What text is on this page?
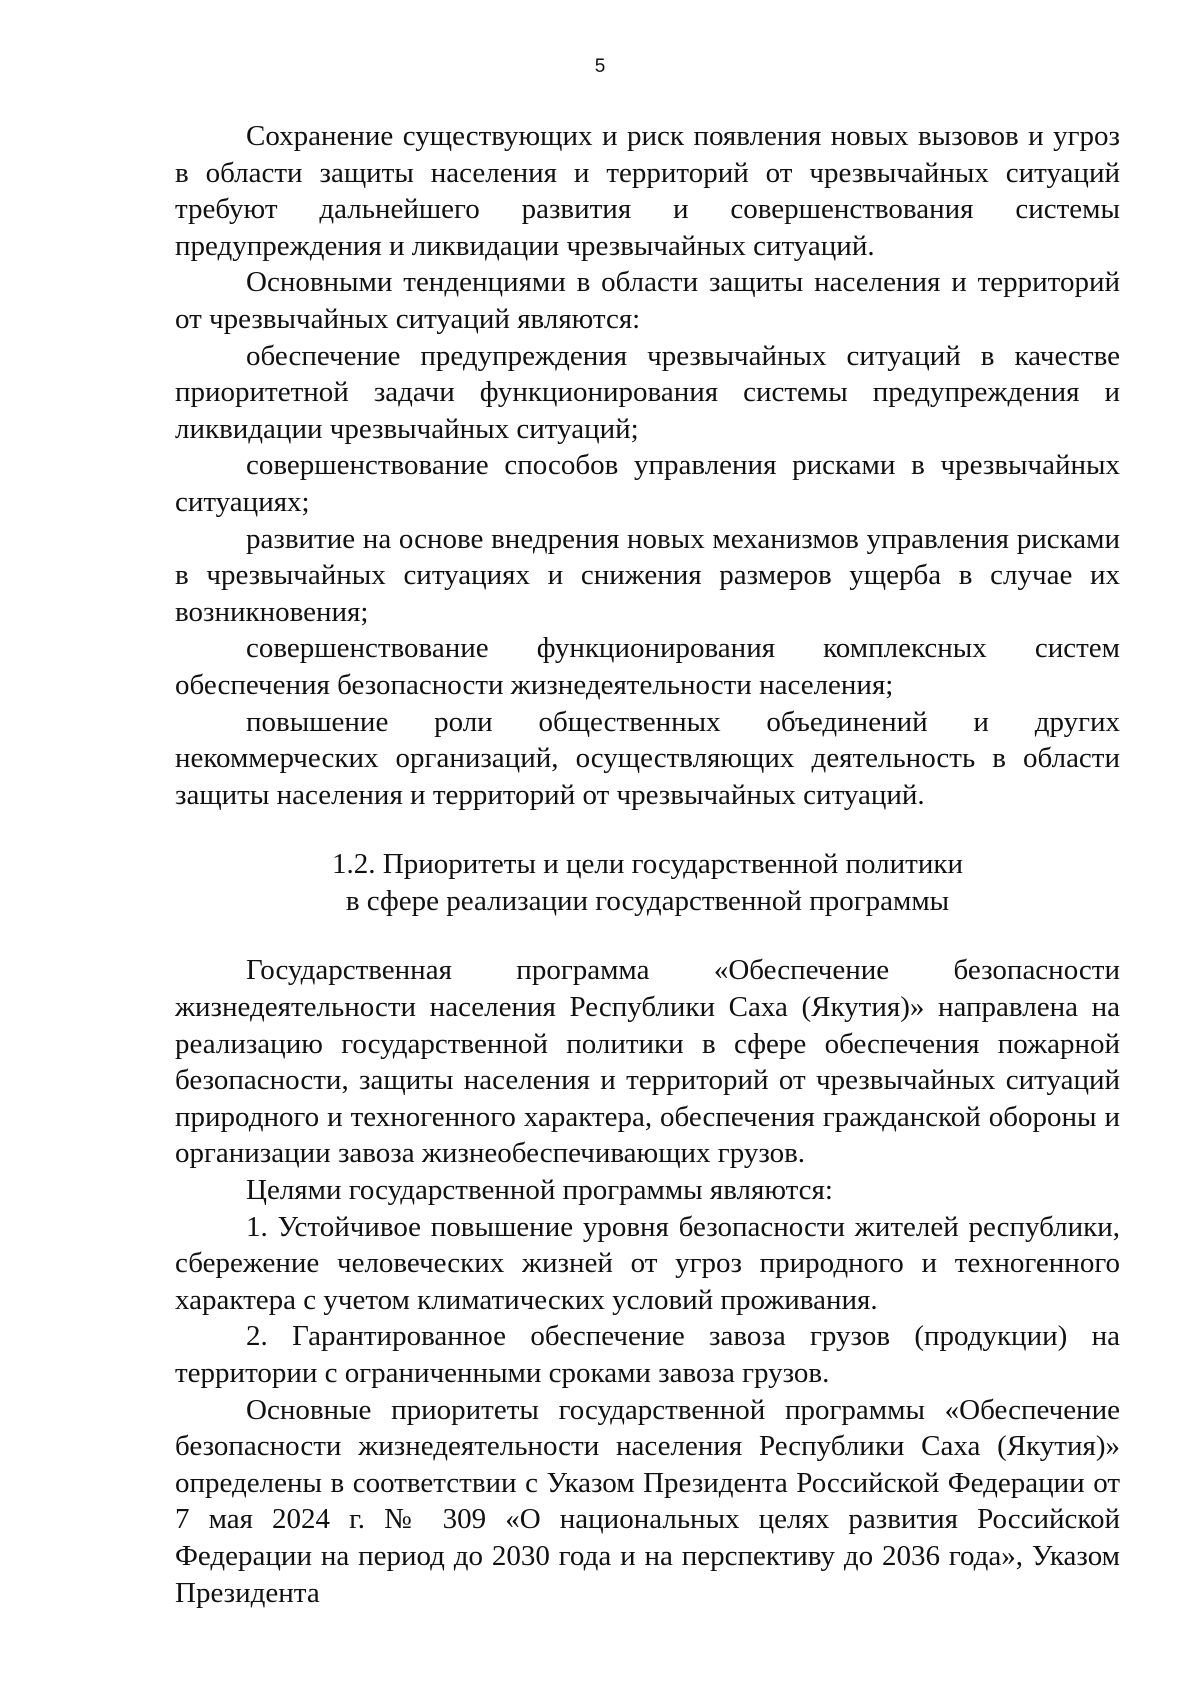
5

Сохранение существующих и риск появления новых вызовов и угроз в области защиты населения и территорий от чрезвычайных ситуаций требуют дальнейшего развития и совершенствования системы предупреждения и ликвидации чрезвычайных ситуаций.

Основными тенденциями в области защиты населения и территорий от чрезвычайных ситуаций являются:

обеспечение предупреждения чрезвычайных ситуаций в качестве приоритетной задачи функционирования системы предупреждения и ликвидации чрезвычайных ситуаций;

совершенствование способов управления рисками в чрезвычайных ситуациях;

развитие на основе внедрения новых механизмов управления рисками в чрезвычайных ситуациях и снижения размеров ущерба в случае их возникновения;

совершенствование функционирования комплексных систем обеспечения безопасности жизнедеятельности населения;

повышение роли общественных объединений и других некоммерческих организаций, осуществляющих деятельность в области защиты населения и территорий от чрезвычайных ситуаций.

1.2. Приоритеты и цели государственной политики
в сфере реализации государственной программы

Государственная программа «Обеспечение безопасности жизнедеятельности населения Республики Саха (Якутия)» направлена на реализацию государственной политики в сфере обеспечения пожарной безопасности, защиты населения и территорий от чрезвычайных ситуаций природного и техногенного характера, обеспечения гражданской обороны и организации завоза жизнеобеспечивающих грузов.

Целями государственной программы являются:

1. Устойчивое повышение уровня безопасности жителей республики, сбережение человеческих жизней от угроз природного и техногенного характера с учетом климатических условий проживания.

2. Гарантированное обеспечение завоза грузов (продукции) на территории с ограниченными сроками завоза грузов.

Основные приоритеты государственной программы «Обеспечение безопасности жизнедеятельности населения Республики Саха (Якутия)» определены в соответствии с Указом Президента Российской Федерации от 7 мая 2024 г. № 309 «О национальных целях развития Российской Федерации на период до 2030 года и на перспективу до 2036 года», Указом Президента
